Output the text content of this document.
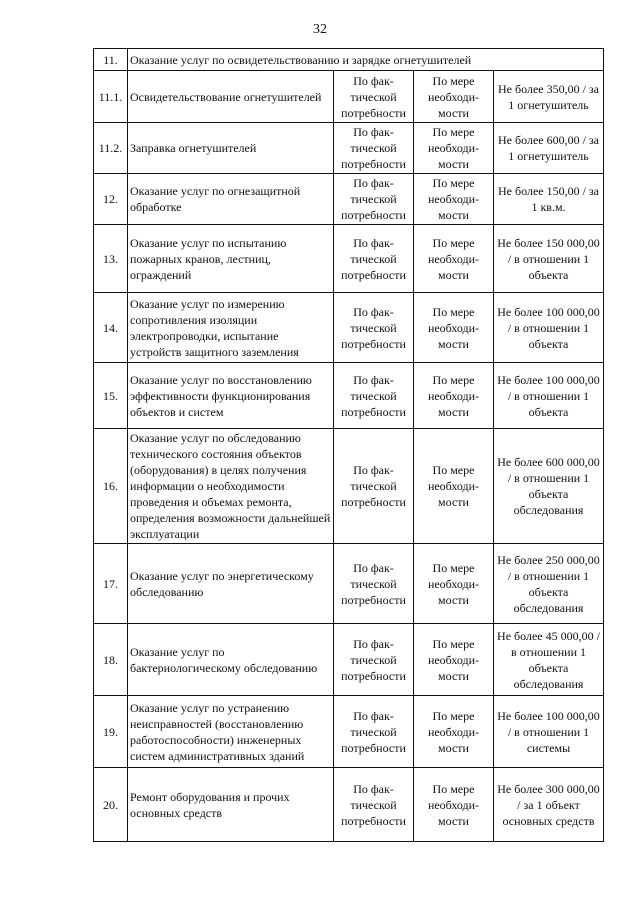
32
11.	Оказание услуг по освидетельствованию и зарядке огнетушителей			
11.1.	Освидетельствование огнетушителей	По фак-тической потребности	По мере необходи-мости	Не более 350,00 / за 1 огнетушитель
11.2.	Заправка огнетушителей	По фак-тической потребности	По мере необходи-мости	Не более 600,00 / за 1 огнетушитель
12.	Оказание услуг по огнезащитной обработке	По фак-тической потребности	По мере необходи-мости	Не более 150,00 / за 1 кв.м.
13.	Оказание услуг по испытанию пожарных кранов, лестниц, ограждений	По фак-тической потребности	По мере необходи-мости	Не более 150 000,00 / в отношении 1 объекта
14.	Оказание услуг по измерению сопротивления изоляции электропроводки, испытание устройств защитного заземления	По фак-тической потребности	По мере необходи-мости	Не более 100 000,00 / в отношении 1 объекта
15.	Оказание услуг по восстановлению эффективности функционирования объектов и систем	По фак-тической потребности	По мере необходи-мости	Не более 100 000,00 / в отношении 1 объекта
16.	Оказание услуг по обследованию технического состояния объектов (оборудования) в целях получения информации о необходимости проведения и объемах ремонта, определения возможности дальнейшей эксплуатации	По фак-тической потребности	По мере необходи-мости	Не более 600 000,00 / в отношении 1 объекта обследования
17.	Оказание услуг по энергетическому обследованию	По фак-тической потребности	По мере необходи-мости	Не более 250 000,00 / в отношении 1 объекта обследования
18.	Оказание услуг по бактериологическому обследованию	По фак-тической потребности	По мере необходи-мости	Не более 45 000,00 / в отношении 1 объекта обследования
19.	Оказание услуг по устранению неисправностей (восстановлению работоспособности) инженерных систем административных зданий	По фак-тической потребности	По мере необходи-мости	Не более 100 000,00 / в отношении 1 системы
20.	Ремонт оборудования и прочих основных средств	По фак-тической потребности	По мере необходи-мости	Не более 300 000,00 / за 1 объект основных средств
